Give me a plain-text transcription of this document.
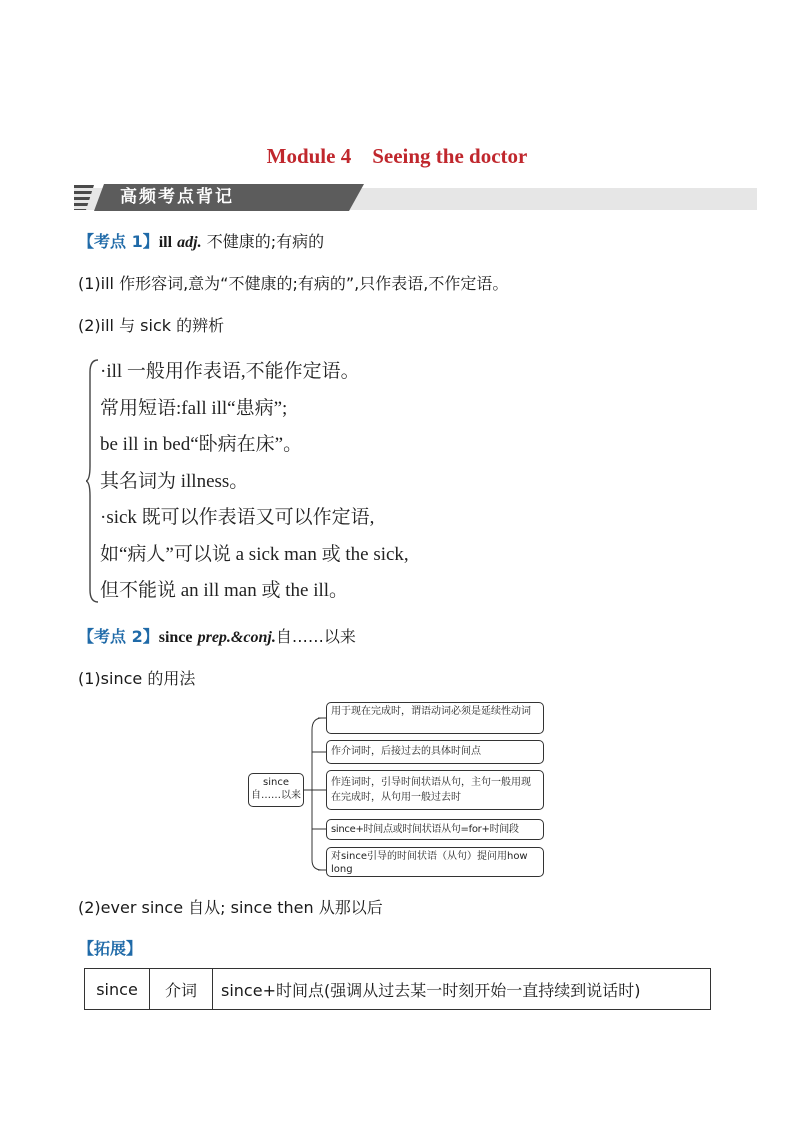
Module 4    Seeing the doctor
高频考点背记
【考点 1】ill adj. 不健康的;有病的
(1)ill 作形容词,意为“不健康的;有病的”,只作表语,不作定语。
(2)ill 与 sick 的辨析
·ill 一般用作表语,不能作定语。
常用短语:fall ill“患病”;
be ill in bed“卧病在床”。
其名词为 illness。
·sick 既可以作表语又可以作定语,
如“病人”可以说 a sick man 或 the sick,
但不能说 an ill man 或 the ill。
【考点 2】since prep.&conj.自……以来
(1)since 的用法
since
自……以来
用于现在完成时，谓语动词必须是延续性动词
作介词时，后接过去的具体时间点
作连词时，引导时间状语从句，主句一般用现在完成时，从句用一般过去时
since+时间点或时间状语从句=for+时间段
对since引导的时间状语（从句）提问用how long
(2)ever since 自从; since then 从那以后
【拓展】
since	介词	since+时间点(强调从过去某一时刻开始一直持续到说话时)
